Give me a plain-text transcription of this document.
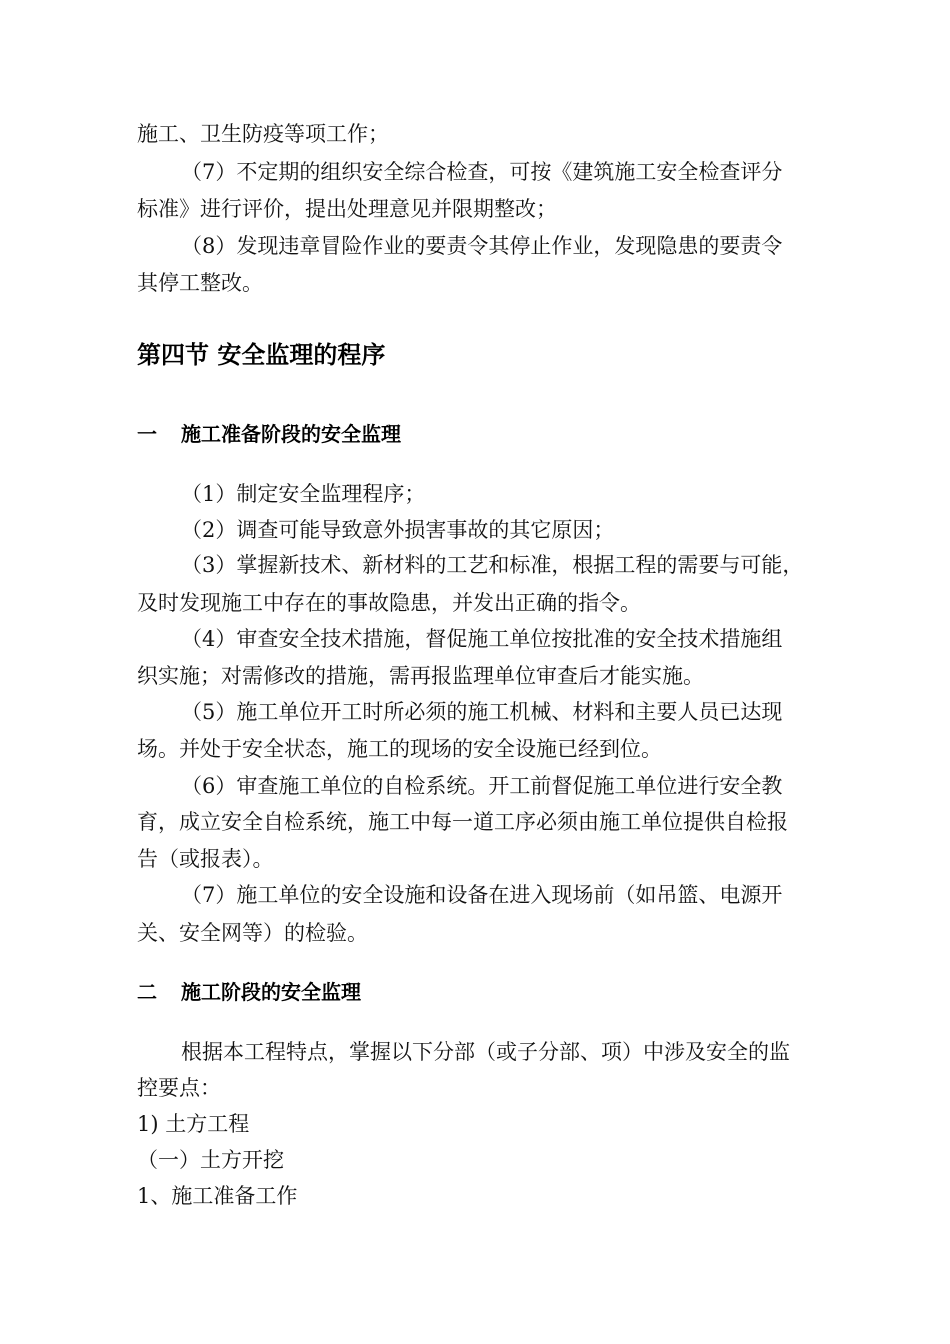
施工、卫生防疫等项工作；
（7）不定期的组织安全综合检查，可按《建筑施工安全检查评分
标准》进行评价，提出处理意见并限期整改；
（8）发现违章冒险作业的要责令其停止作业，发现隐患的要责令
其停工整改。
第四节 安全监理的程序
一 施工准备阶段的安全监理
（1）制定安全监理程序；
（2）调查可能导致意外损害事故的其它原因；
（3）掌握新技术、新材料的工艺和标准，根据工程的需要与可能，
及时发现施工中存在的事故隐患，并发出正确的指令。
（4）审查安全技术措施，督促施工单位按批准的安全技术措施组
织实施；对需修改的措施，需再报监理单位审查后才能实施。
（5）施工单位开工时所必须的施工机械、材料和主要人员已达现
场。并处于安全状态，施工的现场的安全设施已经到位。
（6）审查施工单位的自检系统。开工前督促施工单位进行安全教
育，成立安全自检系统，施工中每一道工序必须由施工单位提供自检报
告（或报表）。
（7）施工单位的安全设施和设备在进入现场前（如吊篮、电源开
关、安全网等）的检验。
二 施工阶段的安全监理
根据本工程特点，掌握以下分部（或子分部、项）中涉及安全的监
控要点：
1) 土方工程
（一）土方开挖
1、施工准备工作
